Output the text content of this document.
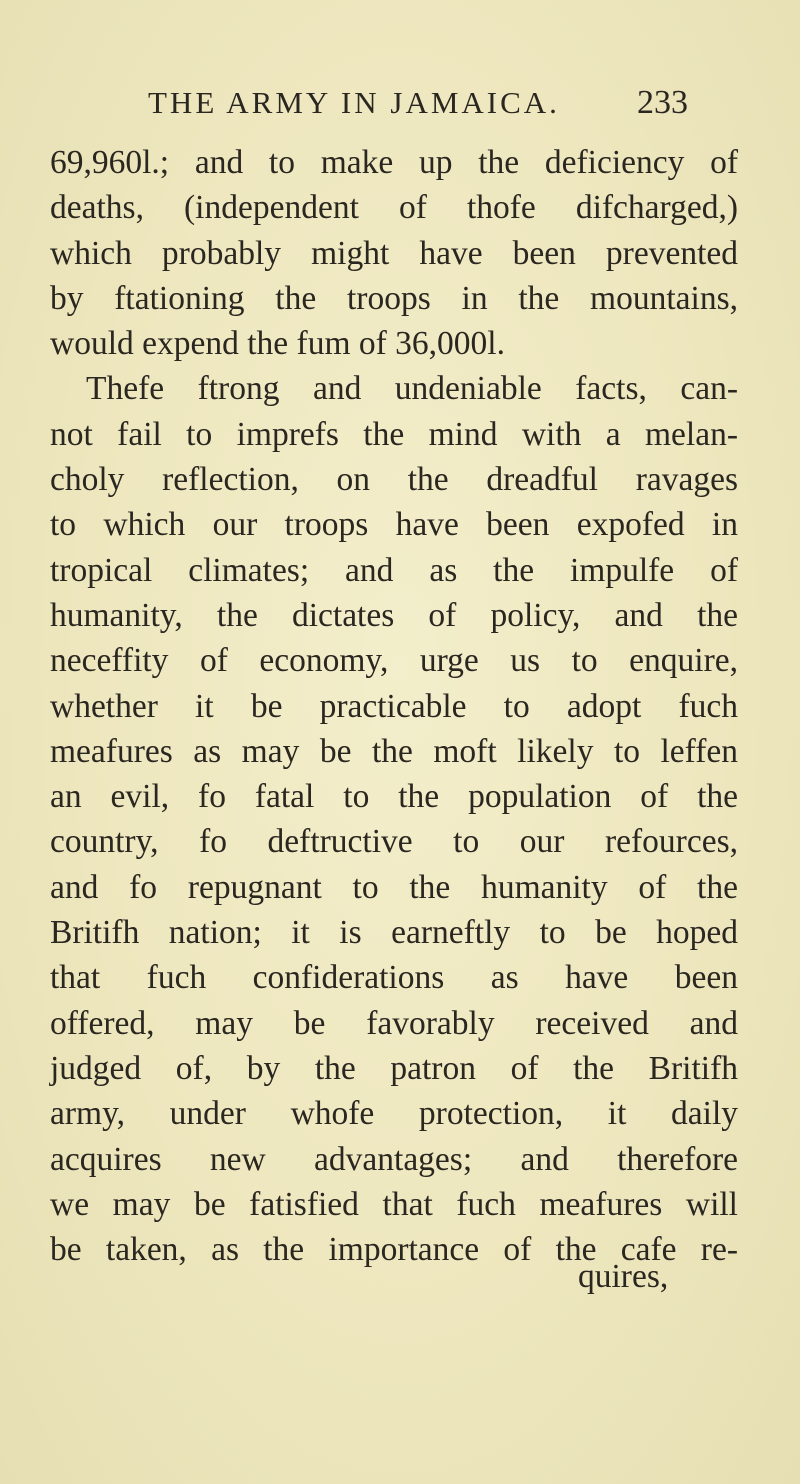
THE ARMY IN JAMAICA. 233
69,960l.; and to make up the deficiency of
deaths, (independent of thofe difcharged,)
which probably might have been prevented
by ftationing the troops in the mountains,
would expend the fum of 36,000l.
Thefe ftrong and undeniable facts, can-
not fail to imprefs the mind with a melan-
choly reflection, on the dreadful ravages
to which our troops have been expofed in
tropical climates; and as the impulfe of
humanity, the dictates of policy, and the
neceffity of economy, urge us to enquire,
whether it be practicable to adopt fuch
meafures as may be the moft likely to leffen
an evil, fo fatal to the population of the
country, fo deftructive to our refources,
and fo repugnant to the humanity of the
Britifh nation; it is earneftly to be hoped
that fuch confiderations as have been
offered, may be favorably received and
judged of, by the patron of the Britifh
army, under whofe protection, it daily
acquires new advantages; and therefore
we may be fatisfied that fuch meafures will
be taken, as the importance of the cafe re-
quires,
